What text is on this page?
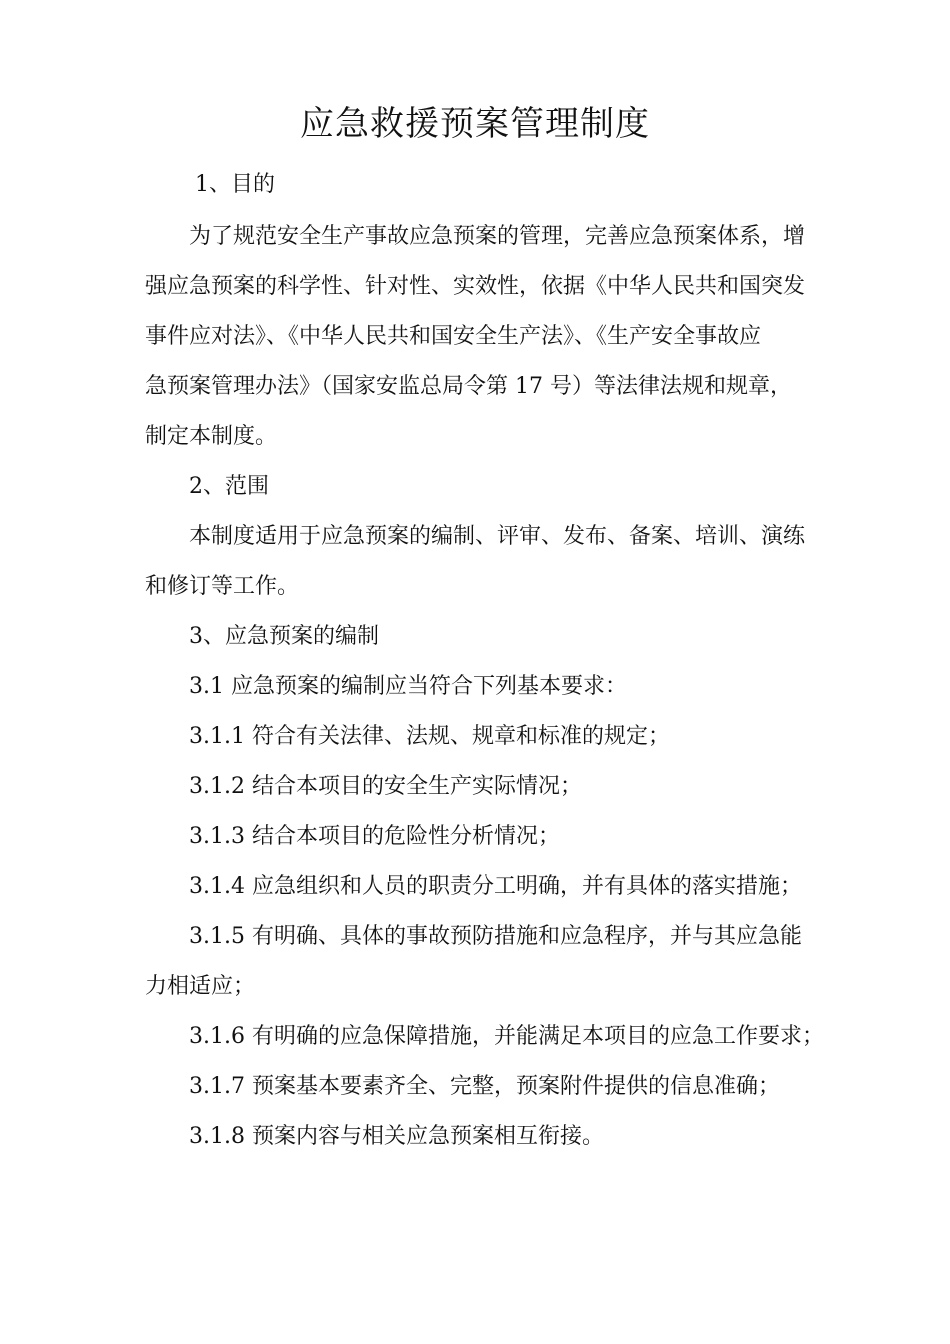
应急救援预案管理制度

1、目的

为了规范安全生产事故应急预案的管理，完善应急预案体系，增
强应急预案的科学性、针对性、实效性，依据《中华人民共和国突发
事件应对法》、《中华人民共和国安全生产法》、《生产安全事故应
急预案管理办法》（国家安监总局令第 17 号）等法律法规和规章，
制定本制度。

2、范围

本制度适用于应急预案的编制、评审、发布、备案、培训、演练
和修订等工作。

3、应急预案的编制

3.1 应急预案的编制应当符合下列基本要求：

3.1.1 符合有关法律、法规、规章和标准的规定；

3.1.2 结合本项目的安全生产实际情况；

3.1.3 结合本项目的危险性分析情况；

3.1.4 应急组织和人员的职责分工明确，并有具体的落实措施；

3.1.5 有明确、具体的事故预防措施和应急程序，并与其应急能
力相适应；

3.1.6 有明确的应急保障措施，并能满足本项目的应急工作要求；

3.1.7 预案基本要素齐全、完整，预案附件提供的信息准确；

3.1.8 预案内容与相关应急预案相互衔接。
